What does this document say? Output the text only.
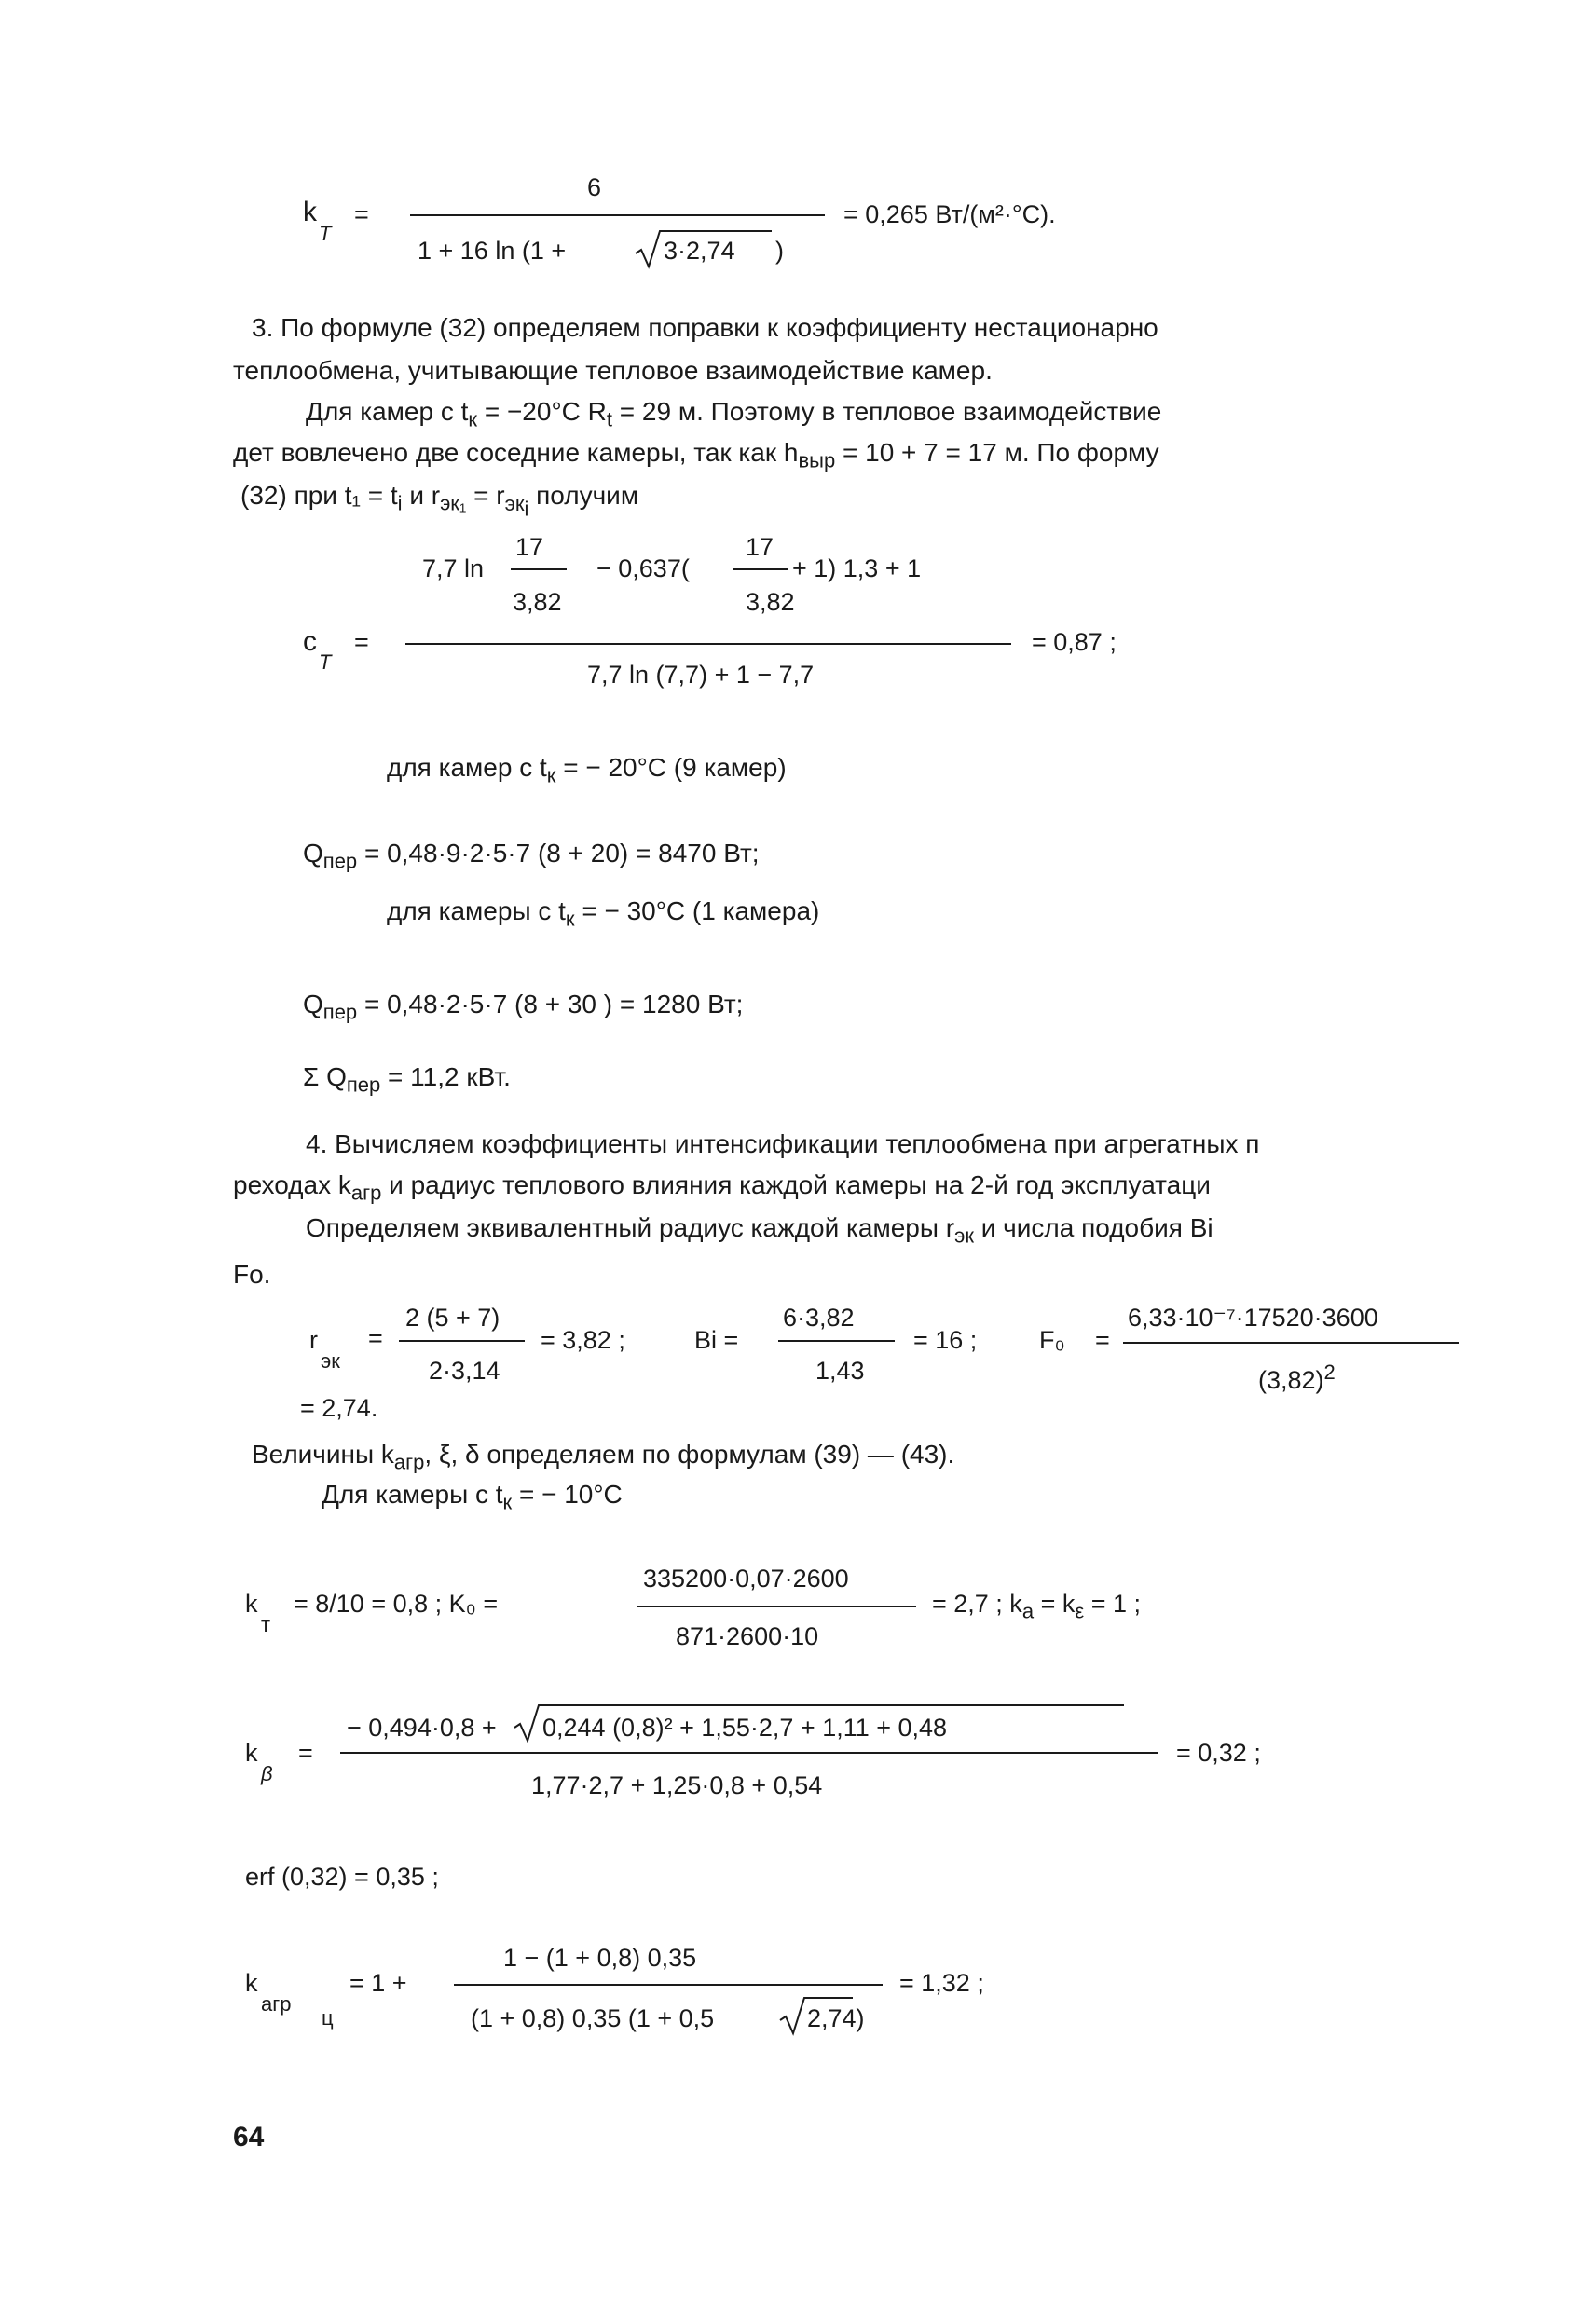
k
T
=
6
1 + 16 ln (1 +	3·2,74 )
= 0,265 Вт/(м²·°С).
3. По формуле (32) определяем поправки к коэффициенту нестационарно
теплообмена, учитывающие тепловое взаимодействие камер.
Для камер с $t_к = -20^\circ С$ $R_t = 29$ м. Поэтому в тепловое взаимодействие
дет вовлечено две соседние камеры, так как $h_{выр} = 10 + 7 = 17$ м. По форму
(32) при $t_1 = t_i$ и $r_{эк_1} = r_{эк_i}$ получим
17	17
7,7 ln	− 0,637(	+ 1) 1,3 + 1
3,82	3,82
c
T
=
7,7 ln (7,7) + 1 − 7,7
= 0,87 ;
для камер с $t_к$ = − 20°С (9 камер)
$Q_{пер} = 0,48\cdot 9\cdot 2\cdot 5\cdot 7$ (8 + 20) = 8470 Вт;
для камеры с $t_к$ = − 30°С (1 камера)
$Q_{пер} = 0,48\cdot 2\cdot 5\cdot 7$ (8 + 30 ) = 1280 Вт;
Σ $Q_{пер} = 11,2$ кВт.
4. Вычисляем коэффициенты интенсификации теплообмена при агрегатных п
реходах $k_{агр}$ и радиус теплового влияния каждой камеры на 2-й год эксплуатаци
Определяем эквивалентный радиус каждой камеры $r_{эк}$ и числа подобия Bi
Fo.
2 (5 + 7)
r
эк
=
2·3,14
= 3,82 ;	Bi =
6·3,82
1,43
= 16 ; F₀ =
6,33·10⁻⁷·17520·3600
$(3,82)^2$
= 2,74.
Величины $k_{агр}$, ξ, δ определяем по формулам (39) — (43).
Для камеры с $t_к$ = − 10°С
335200·0,07·2600
k
т
= 8/10 = 0,8 ; K₀ =
871·2600·10
= 2,7 ; $k_a = k_\varepsilon = 1$ ;
− 0,494·0,8 + 0,244 (0,8)² + 1,55·2,7 + 1,11 + 0,48
k
β
=
1,77·2,7 + 1,25·0,8 + 0,54
= 0,32 ;
erf (0,32) = 0,35 ;
1 − (1 + 0,8) 0,35
k
агр
ц
= 1 +
(1 + 0,8) 0,35 (1 + 0,5	2,74)
= 1,32 ;
64
